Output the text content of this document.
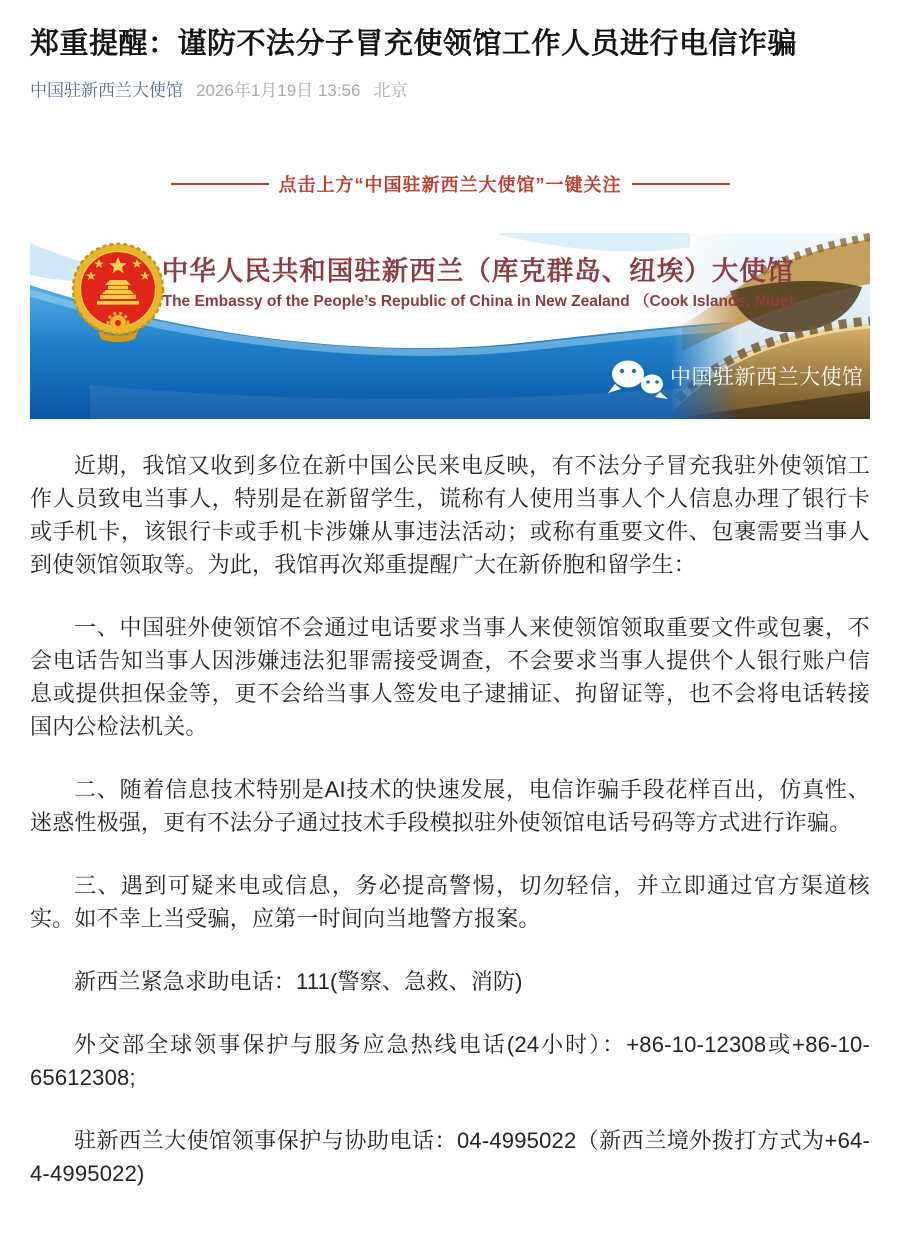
郑重提醒：谨防不法分子冒充使领馆工作人员进行电信诈骗
中国驻新西兰大使馆 2026年1月19日 13:56 北京
点击上方“中国驻新西兰大使馆”一键关注
中华人民共和国驻新西兰（库克群岛、纽埃）大使馆
The Embassy of the People’s Republic of China in New Zealand （Cook Islands, Niue)
中国驻新西兰大使馆

近期，我馆又收到多位在新中国公民来电反映，有不法分子冒充我驻外使领馆工作人员致电当事人，特别是在新留学生，谎称有人使用当事人个人信息办理了银行卡或手机卡，该银行卡或手机卡涉嫌从事违法活动；或称有重要文件、包裹需要当事人到使领馆领取等。为此，我馆再次郑重提醒广大在新侨胞和留学生：

一、中国驻外使领馆不会通过电话要求当事人来使领馆领取重要文件或包裹，不会电话告知当事人因涉嫌违法犯罪需接受调查，不会要求当事人提供个人银行账户信息或提供担保金等，更不会给当事人签发电子逮捕证、拘留证等，也不会将电话转接国内公检法机关。

二、随着信息技术特别是AI技术的快速发展，电信诈骗手段花样百出，仿真性、迷惑性极强，更有不法分子通过技术手段模拟驻外使领馆电话号码等方式进行诈骗。

三、遇到可疑来电或信息，务必提高警惕，切勿轻信，并立即通过官方渠道核实。如不幸上当受骗，应第一时间向当地警方报案。

新西兰紧急求助电话：111(警察、急救、消防)

外交部全球领事保护与服务应急热线电话(24小时）：+86-10-12308或+86-10-65612308;

驻新西兰大使馆领事保护与协助电话：04-4995022（新西兰境外拨打方式为+64-4-4995022)
